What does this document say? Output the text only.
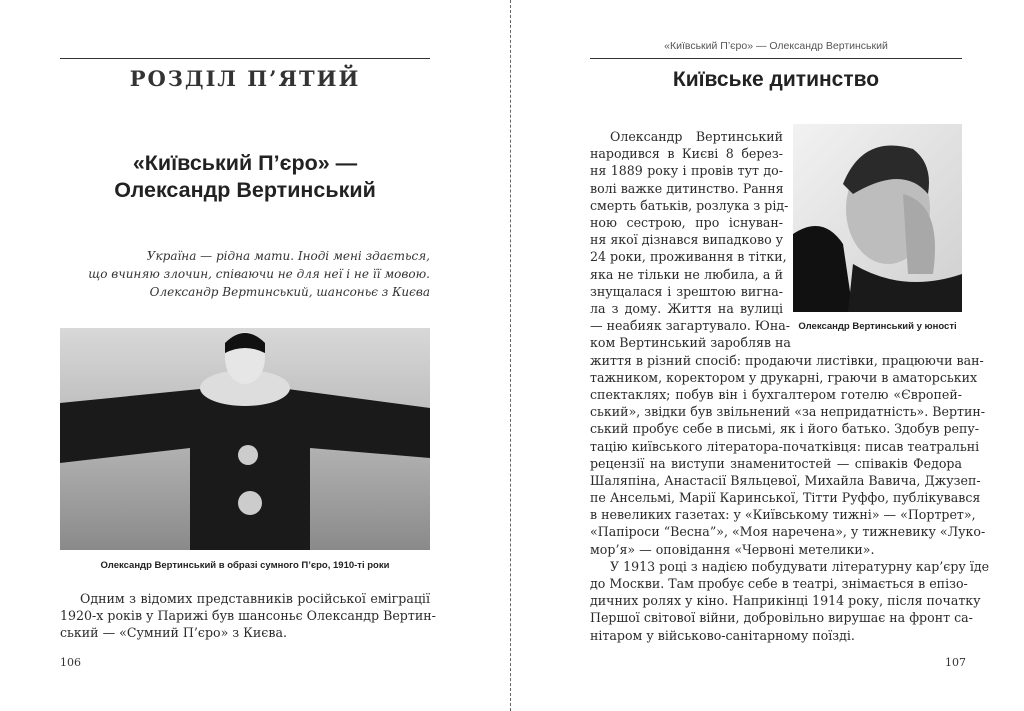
РОЗДІЛ П’ЯТИЙ
«Київський П’єро» —
Олександр Вертинський
Україна — рідна мати. Іноді мені здається,
що вчиняю злочин, співаючи не для неї і не її мовою.
Олександр Вертинський, шансоньє з Києва
Олександр Вертинський в образі сумного П’єро, 1910-ті роки
Одним з відомих представників російської еміграції
1920-х років у Парижі був шансоньє Олександр Вертин-
ський — «Сумний П’єро» з Києва.
106
«Київський П’єро» — Олександр Вертинський
Київське дитинство
Олександр Вертинський у юності
Олександр Вертинський
народився в Києві 8 берез-
ня 1889 року і провів тут до-
волі важке дитинство. Рання
смерть батьків, розлука з рід-
ною сестрою, про існуван-
ня якої дізнався випадково у
24 роки, проживання в тітки,
яка не тільки не любила, а й
знущалася і зрештою вигна-
ла з дому. Життя на вулиці
— неабияк загартувало. Юна-
ком Вертинський заробляв на
життя в різний спосіб: продаючи листівки, працюючи ван-
тажником, коректором у друкарні, граючи в аматорських
спектаклях; побув він і бухгалтером готелю «Європей-
ський», звідки був звільнений «за непридатність». Вертин-
ський пробує себе в письмі, як і його батько. Здобув репу-
тацію київського літератора-початківця: писав театральні
рецензії на виступи знаменитостей — співаків Федора
Шаляпіна, Анастасії Вяльцевої, Михайла Вавича, Джузеп-
пе Ансельмі, Марії Каринської, Тітти Руффо, публікувався
в невеликих газетах: у «Київському тижні» — «Портрет»,
«Папіроси “Весна”», «Моя наречена», у тижневику «Луко-
мор’я» — оповідання «Червоні метелики».
У 1913 році з надією побудувати літературну кар’єру їде
до Москви. Там пробує себе в театрі, знімається в епізо-
дичних ролях у кіно. Наприкінці 1914 року, після початку
Першої світової війни, добровільно вирушає на фронт са-
нітаром у військово-санітарному поїзді.
107
